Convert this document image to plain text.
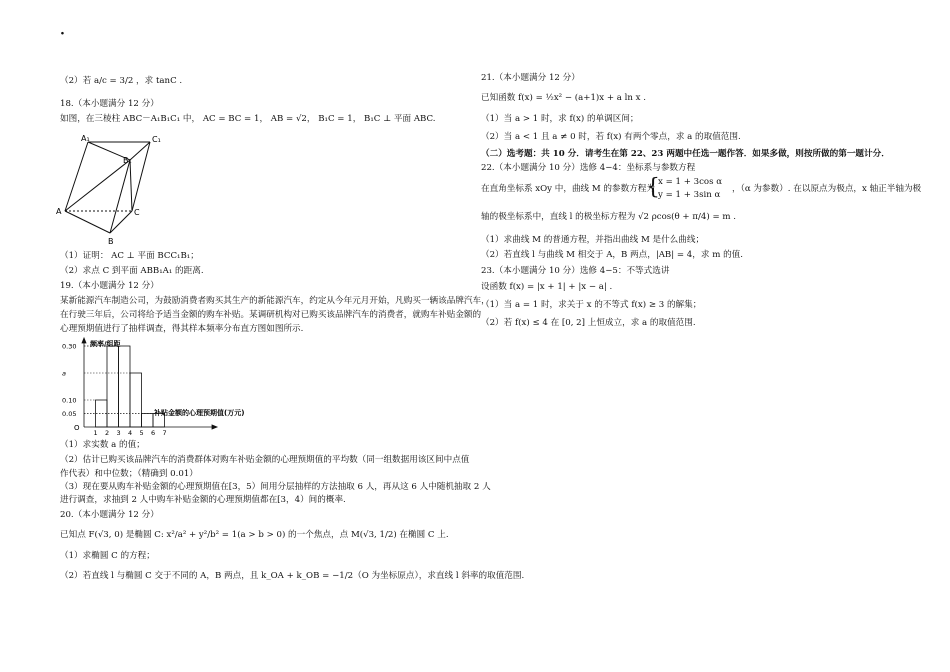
·
（2）若 a/c = 3/2 ，求 tanC .
18.（本小题满分 12 分）
如图，在三棱柱 ABC－A₁B₁C₁ 中， AC = BC = 1， AB = √2， B₁C = 1， B₁C ⊥ 平面 ABC.
A₁	C₁
B₁
A	C
B
（1）证明： AC ⊥ 平面 BCC₁B₁；
（2）求点 C 到平面 ABB₁A₁ 的距离.
19.（本小题满分 12 分）
某新能源汽车制造公司，为鼓励消费者购买其生产的新能源汽车，约定从今年元月开始，凡购买一辆该品牌汽车，
在行驶三年后，公司将给予适当金额的购车补贴。某调研机构对已购买该品牌汽车的消费者，就购车补贴金额的
心理预期值进行了抽样调查，得其样本频率分布直方图如图所示.
1 2 3 4 5 6 7
0.30
a
0.10
0.05
频率/组距
补贴金额的心理预期值(万元)
O
（1）求实数 a 的值；
（2）估计已购买该品牌汽车的消费群体对购车补贴金额的心理预期值的平均数（同一组数据用该区间中点值
作代表）和中位数；（精确到 0.01）
（3）现在要从购车补贴金额的心理预期值在[3，5）间用分层抽样的方法抽取 6 人，再从这 6 人中随机抽取 2 人
进行调查，求抽到 2 人中购车补贴金额的心理预期值都在[3，4）间的概率.
20.（本小题满分 12 分）
已知点 F(√3, 0) 是椭圆 C: x²/a² + y²/b² = 1(a > b > 0) 的一个焦点，点 M(√3, 1/2) 在椭圆 C 上.
（1）求椭圆 C 的方程；
（2）若直线 l 与椭圆 C 交于不同的 A，B 两点，且 k_OA + k_OB = −1/2（O 为坐标原点），求直线 l 斜率的取值范围.
21.（本小题满分 12 分）
已知函数 f(x) = ½x² − (a+1)x + a ln x .
（1）当 a > 1 时，求 f(x) 的单调区间；
（2）当 a < 1 且 a ≠ 0 时，若 f(x) 有两个零点，求 a 的取值范围.
（二）选考题：共 10 分．请考生在第 22、23 两题中任选一题作答．如果多做，则按所做的第一题计分．
22.（本小题满分 10 分）选修 4−4：坐标系与参数方程
在直角坐标系 xOy 中，曲线 M 的参数方程为
{
x = 1 + 3cos α
y = 1 + 3sin α
，（α 为参数）. 在以原点为极点，x 轴正半轴为极
轴的极坐标系中，直线 l 的极坐标方程为 √2 ρcos(θ + π/4) = m .
（1）求曲线 M 的普通方程，并指出曲线 M 是什么曲线；
（2）若直线 l 与曲线 M 相交于 A，B 两点，|AB| = 4，求 m 的值.
23.（本小题满分 10 分）选修 4−5：不等式选讲
设函数 f(x) = |x + 1| + |x − a| .
（1）当 a = 1 时，求关于 x 的不等式 f(x) ≥ 3 的解集；
（2）若 f(x) ≤ 4 在 [0, 2] 上恒成立，求 a 的取值范围.
